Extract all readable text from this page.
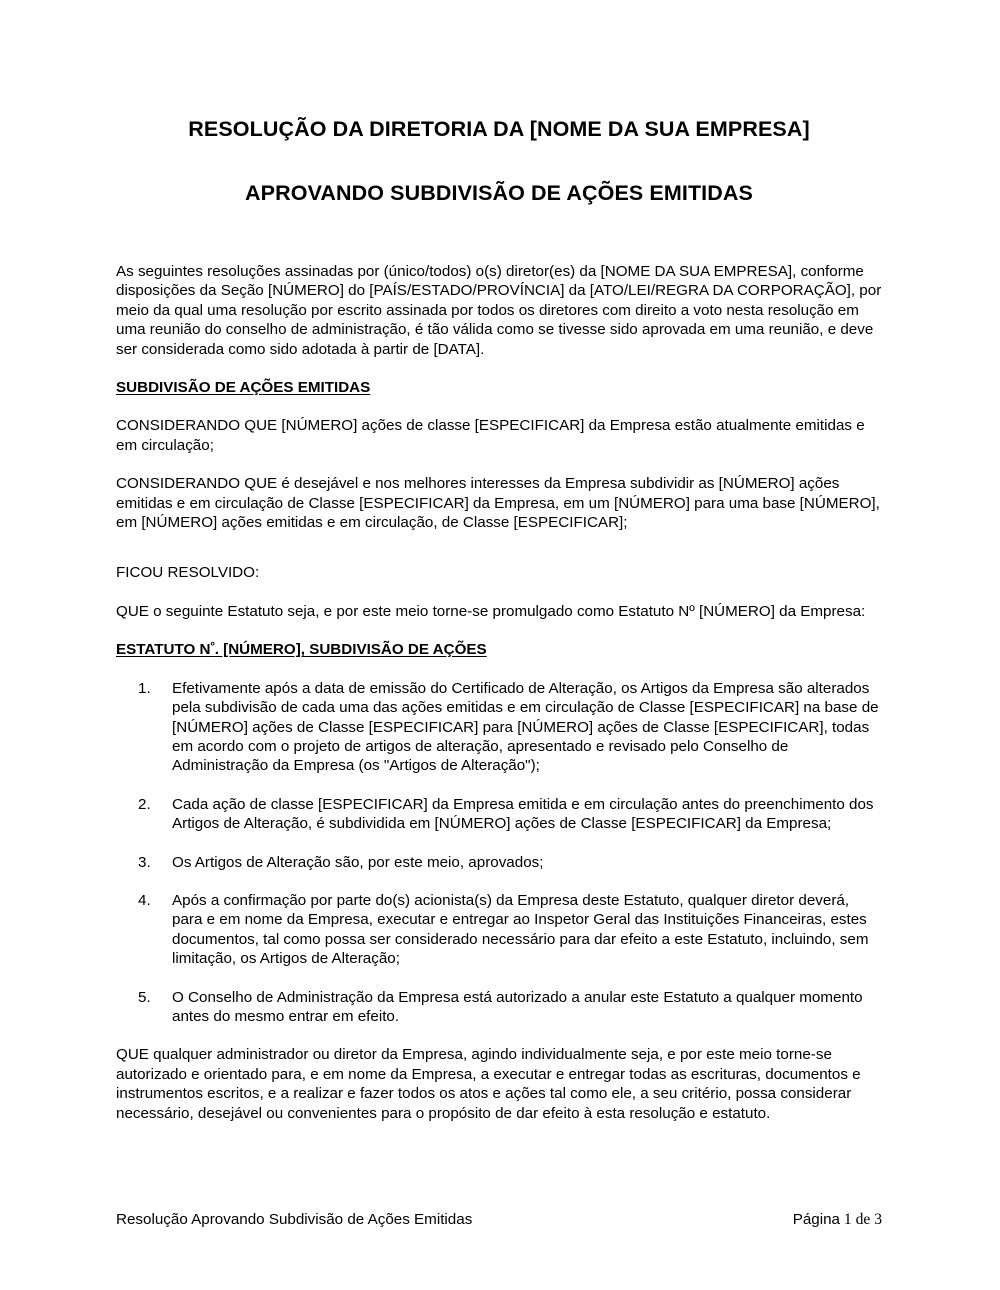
RESOLUÇÃO DA DIRETORIA DA [NOME DA SUA EMPRESA]
APROVANDO SUBDIVISÃO DE AÇÕES EMITIDAS

As seguintes resoluções assinadas por (único/todos) o(s) diretor(es) da [NOME DA SUA EMPRESA], conforme disposições da Seção [NÚMERO] do [PAÍS/ESTADO/PROVÍNCIA] da [ATO/LEI/REGRA DA CORPORAÇÃO], por meio da qual uma resolução por escrito assinada por todos os diretores com direito a voto nesta resolução em uma reunião do conselho de administração, é tão válida como se tivesse sido aprovada em uma reunião, e deve ser considerada como sido adotada à partir de [DATA].

SUBDIVISÃO DE AÇÕES EMITIDAS

CONSIDERANDO QUE [NÚMERO] ações de classe [ESPECIFICAR] da Empresa estão atualmente emitidas e em circulação;

CONSIDERANDO QUE é desejável e nos melhores interesses da Empresa subdividir as [NÚMERO] ações emitidas e em circulação de Classe [ESPECIFICAR] da Empresa, em um [NÚMERO] para uma base [NÚMERO], em [NÚMERO] ações emitidas e em circulação, de Classe [ESPECIFICAR];

FICOU RESOLVIDO:

QUE o seguinte Estatuto seja, e por este meio torne-se promulgado como Estatuto Nº [NÚMERO] da Empresa:

ESTATUTO $N^º$. [NÚMERO], SUBDIVISÃO DE AÇÕES
1.	Efetivamente após a data de emissão do Certificado de Alteração, os Artigos da Empresa são alterados pela subdivisão de cada uma das ações emitidas e em circulação de Classe [ESPECIFICAR] na base de [NÚMERO] ações de Classe [ESPECIFICAR] para [NÚMERO] ações de Classe [ESPECIFICAR], todas em acordo com o projeto de artigos de alteração, apresentado e revisado pelo Conselho de Administração da Empresa (os "Artigos de Alteração");
2.	Cada ação de classe [ESPECIFICAR] da Empresa emitida e em circulação antes do preenchimento dos Artigos de Alteração, é subdividida em [NÚMERO] ações de Classe [ESPECIFICAR] da Empresa;
3.	Os Artigos de Alteração são, por este meio, aprovados;
4.	Após a confirmação por parte do(s) acionista(s) da Empresa deste Estatuto, qualquer diretor deverá, para e em nome da Empresa, executar e entregar ao Inspetor Geral das Instituições Financeiras, estes documentos, tal como possa ser considerado necessário para dar efeito a este Estatuto, incluindo, sem limitação, os Artigos de Alteração;
5.	O Conselho de Administração da Empresa está autorizado a anular este Estatuto a qualquer momento antes do mesmo entrar em efeito.

QUE qualquer administrador ou diretor da Empresa, agindo individualmente seja, e por este meio torne-se autorizado e orientado para, e em nome da Empresa, a executar e entregar todas as escrituras, documentos e instrumentos escritos, e a realizar e fazer todos os atos e ações tal como ele, a seu critério, possa considerar necessário, desejável ou convenientes para o propósito de dar efeito à esta resolução e estatuto.

Resolução Aprovando Subdivisão de Ações Emitidas	Página 1 de 3
